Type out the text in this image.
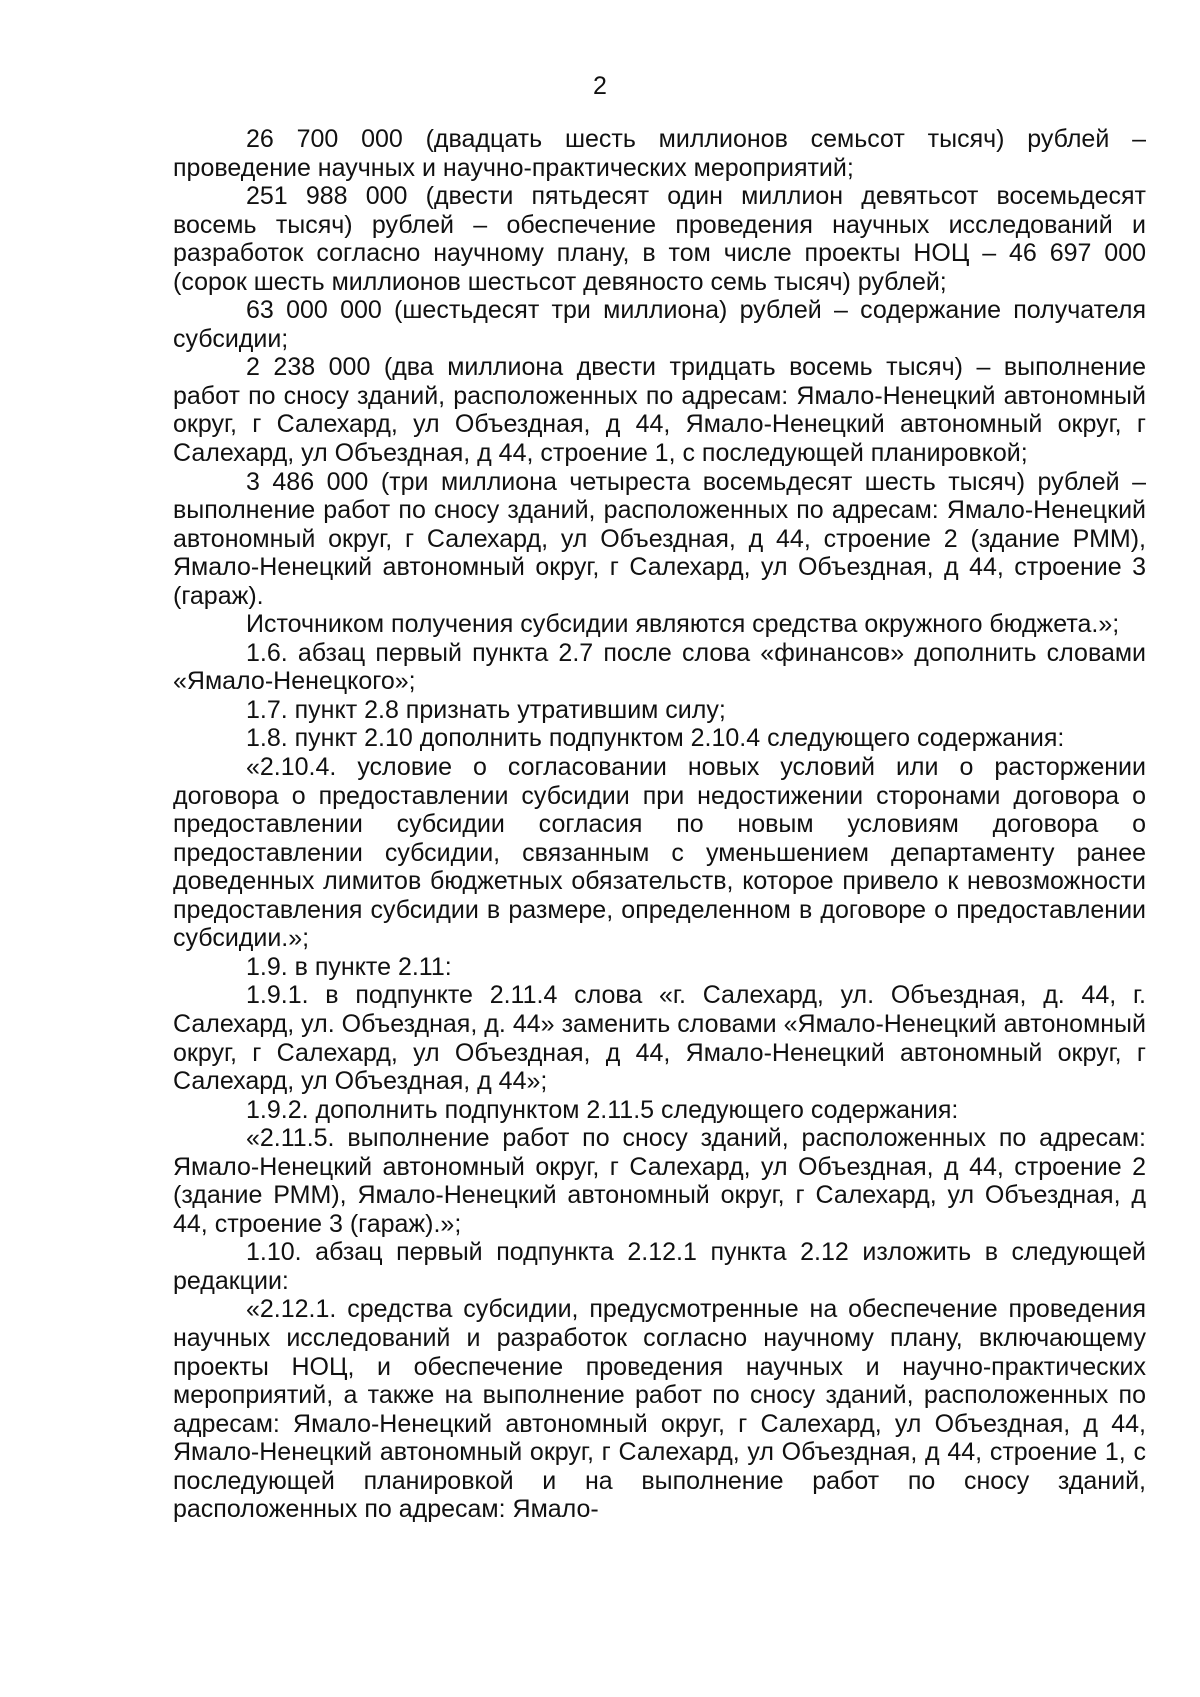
2

26 700 000 (двадцать шесть миллионов семьсот тысяч) рублей – проведение научных и научно-практических мероприятий;

251 988 000 (двести пятьдесят один миллион девятьсот восемьдесят восемь тысяч) рублей – обеспечение проведения научных исследований и разработок согласно научному плану, в том числе проекты НОЦ – 46 697 000 (сорок шесть миллионов шестьсот девяносто семь тысяч) рублей;

63 000 000 (шестьдесят три миллиона) рублей – содержание получателя субсидии;

2 238 000 (два миллиона двести тридцать восемь тысяч) – выполнение работ по сносу зданий, расположенных по адресам: Ямало-Ненецкий автономный округ, г Салехард, ул Объездная, д 44, Ямало-Ненецкий автономный округ, г Салехард, ул Объездная, д 44, строение 1, с последующей планировкой;

3 486 000 (три миллиона четыреста восемьдесят шесть тысяч) рублей – выполнение работ по сносу зданий, расположенных по адресам: Ямало-Ненецкий автономный округ, г Салехард, ул Объездная, д 44, строение 2 (здание РММ), Ямало-Ненецкий автономный округ, г Салехард, ул Объездная, д 44, строение 3 (гараж).

Источником получения субсидии являются средства окружного бюджета.»;

1.6. абзац первый пункта 2.7 после слова «финансов» дополнить словами «Ямало-Ненецкого»;

1.7. пункт 2.8 признать утратившим силу;

1.8. пункт 2.10 дополнить подпунктом 2.10.4 следующего содержания:

«2.10.4. условие о согласовании новых условий или о расторжении договора о предоставлении субсидии при недостижении сторонами договора о предоставлении субсидии согласия по новым условиям договора о предоставлении субсидии, связанным с уменьшением департаменту ранее доведенных лимитов бюджетных обязательств, которое привело к невозможности предоставления субсидии в размере, определенном в договоре о предоставлении субсидии.»;

1.9. в пункте 2.11:

1.9.1. в подпункте 2.11.4 слова «г. Салехард, ул. Объездная, д. 44, г. Салехард, ул. Объездная, д. 44» заменить словами «Ямало-Ненецкий автономный округ, г Салехард, ул Объездная, д 44, Ямало-Ненецкий автономный округ, г Салехард, ул Объездная, д 44»;

1.9.2. дополнить подпунктом 2.11.5 следующего содержания:

«2.11.5. выполнение работ по сносу зданий, расположенных по адресам: Ямало-Ненецкий автономный округ, г Салехард, ул Объездная, д 44, строение 2 (здание РММ), Ямало-Ненецкий автономный округ, г Салехард, ул Объездная, д 44, строение 3 (гараж).»;

1.10. абзац первый подпункта 2.12.1 пункта 2.12 изложить в следующей редакции:

«2.12.1. средства субсидии, предусмотренные на обеспечение проведения научных исследований и разработок согласно научному плану, включающему проекты НОЦ, и обеспечение проведения научных и научно-практических мероприятий, а также на выполнение работ по сносу зданий, расположенных по адресам: Ямало-Ненецкий автономный округ, г Салехард, ул Объездная, д 44, Ямало-Ненецкий автономный округ, г Салехард, ул Объездная, д 44, строение 1, с последующей планировкой и на выполнение работ по сносу зданий, расположенных по адресам: Ямало-
